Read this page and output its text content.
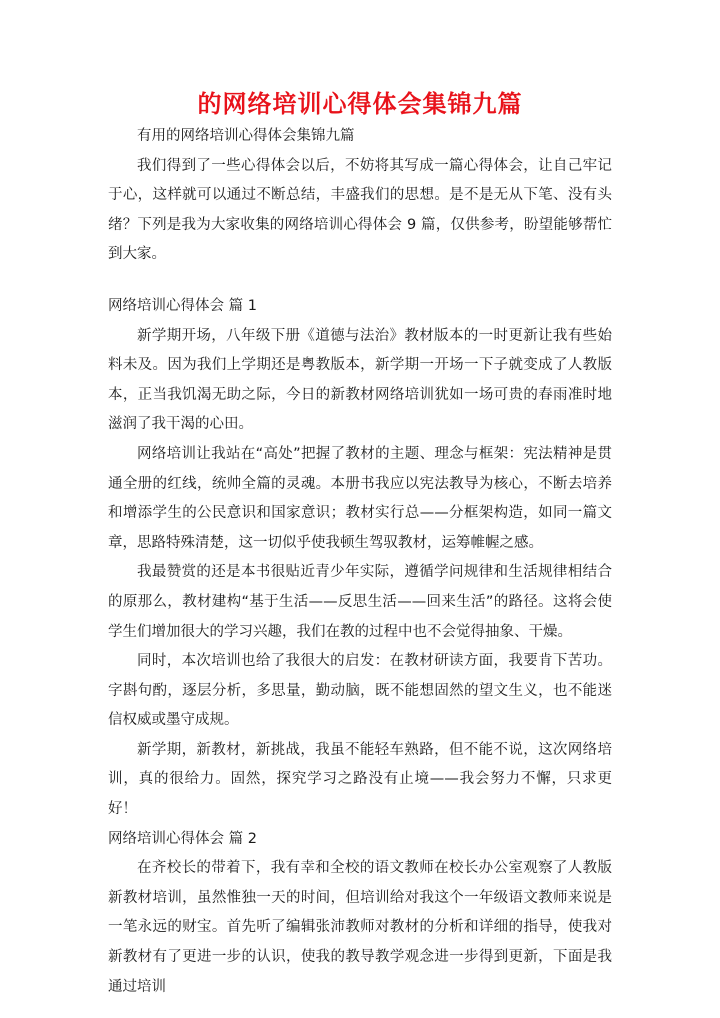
的网络培训心得体会集锦九篇

有用的网络培训心得体会集锦九篇

我们得到了一些心得体会以后，不妨将其写成一篇心得体会，让自己牢记于心，这样就可以通过不断总结，丰盛我们的思想。是不是无从下笔、没有头绪？下列是我为大家收集的网络培训心得体会 9 篇，仅供参考，盼望能够帮忙到大家。

网络培训心得体会 篇 1

新学期开场，八年级下册《道德与法治》教材版本的一时更新让我有些始料未及。因为我们上学期还是粤教版本，新学期一开场一下子就变成了人教版本，正当我饥渴无助之际，今日的新教材网络培训犹如一场可贵的春雨准时地滋润了我干渴的心田。

网络培训让我站在“高处”把握了教材的主题、理念与框架：宪法精神是贯通全册的红线，统帅全篇的灵魂。本册书我应以宪法教导为核心，不断去培养和增添学生的公民意识和国家意识；教材实行总——分框架构造，如同一篇文章，思路特殊清楚，这一切似乎使我顿生驾驭教材，运筹帷幄之感。

我最赞赏的还是本书很贴近青少年实际，遵循学问规律和生活规律相结合的原那么，教材建构“基于生活——反思生活——回来生活”的路径。这将会使学生们增加很大的学习兴趣，我们在教的过程中也不会觉得抽象、干燥。

同时，本次培训也给了我很大的启发：在教材研读方面，我要肯下苦功。字斟句酌，逐层分析，多思量，勤动脑，既不能想固然的望文生义，也不能迷信权威或墨守成规。

新学期，新教材，新挑战，我虽不能轻车熟路，但不能不说，这次网络培训，真的很给力。固然，探究学习之路没有止境——我会努力不懈，只求更好！

网络培训心得体会 篇 2

在齐校长的带着下，我有幸和全校的语文教师在校长办公室观察了人教版新教材培训，虽然惟独一天的时间，但培训给对我这个一年级语文教师来说是一笔永远的财宝。首先听了编辑张沛教师对教材的分析和详细的指导，使我对新教材有了更进一步的认识，使我的教导教学观念进一步得到更新，下面是我通过培训
